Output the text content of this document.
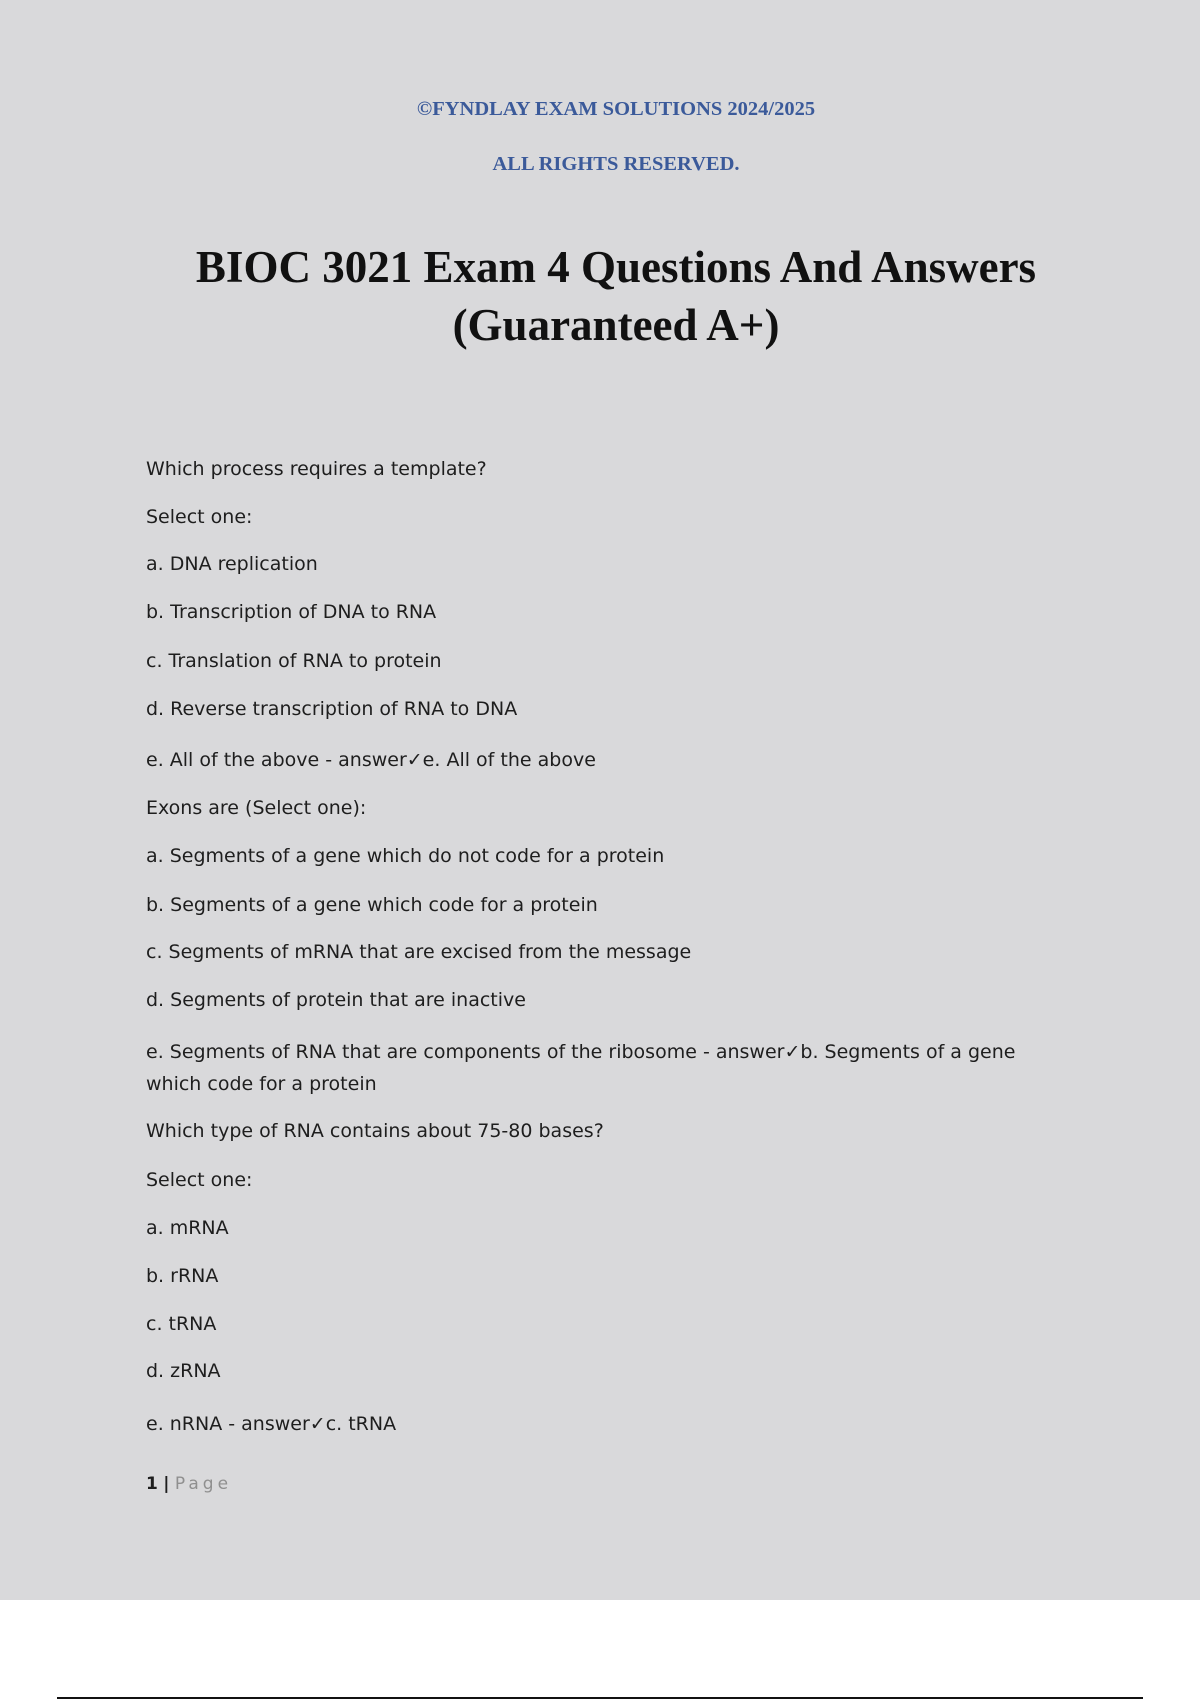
©FYNDLAY EXAM SOLUTIONS 2024/2025
ALL RIGHTS RESERVED.
BIOC 3021 Exam 4 Questions And Answers
(Guaranteed A+)
Which process requires a template?
Select one:
a. DNA replication
b. Transcription of DNA to RNA
c. Translation of RNA to protein
d. Reverse transcription of RNA to DNA
e. All of the above - answer✓e. All of the above
Exons are (Select one):
a. Segments of a gene which do not code for a protein
b. Segments of a gene which code for a protein
c. Segments of mRNA that are excised from the message
d. Segments of protein that are inactive
e. Segments of RNA that are components of the ribosome - answer✓b. Segments of a gene which code for a protein
Which type of RNA contains about 75-80 bases?
Select one:
a. mRNA
b. rRNA
c. tRNA
d. zRNA
e. nRNA - answer✓c. tRNA
1 | Page
